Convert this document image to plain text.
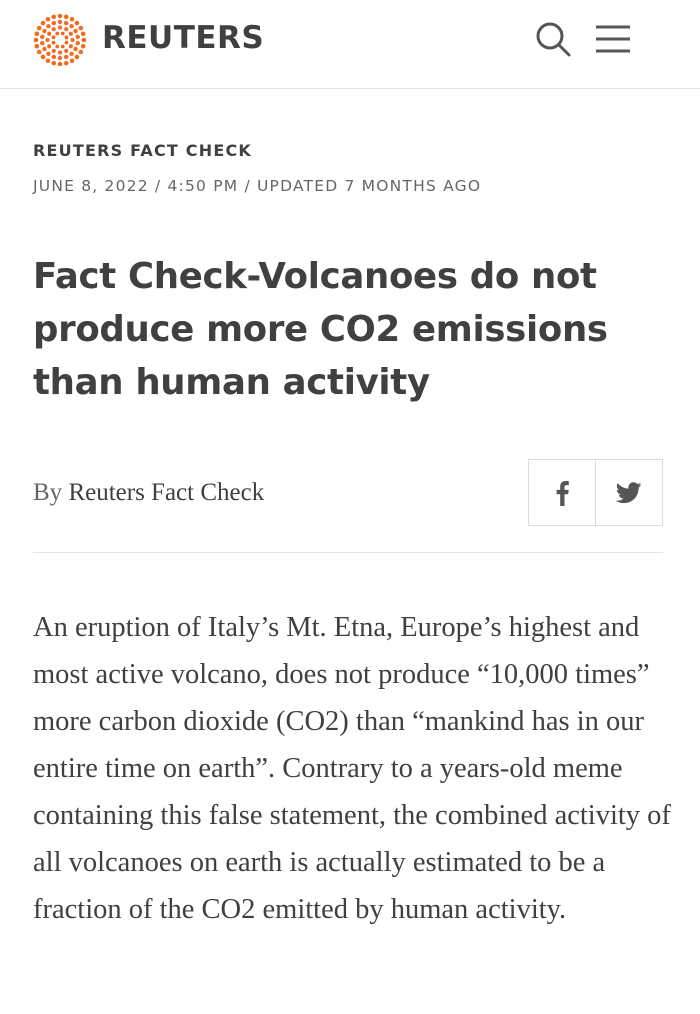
REUTERS
REUTERS FACT CHECK
JUNE 8, 2022 / 4:50 PM / UPDATED 7 MONTHS AGO
Fact Check-Volcanoes do not produce more CO2 emissions than human activity
By Reuters Fact Check

An eruption of Italy’s Mt. Etna, Europe’s highest and most active volcano, does not produce “10,000 times” more carbon dioxide (CO2) than “mankind has in our entire time on earth”. Contrary to a years-old meme containing this false statement, the combined activity of all volcanoes on earth is actually estimated to be a fraction of the CO2 emitted by human activity.
